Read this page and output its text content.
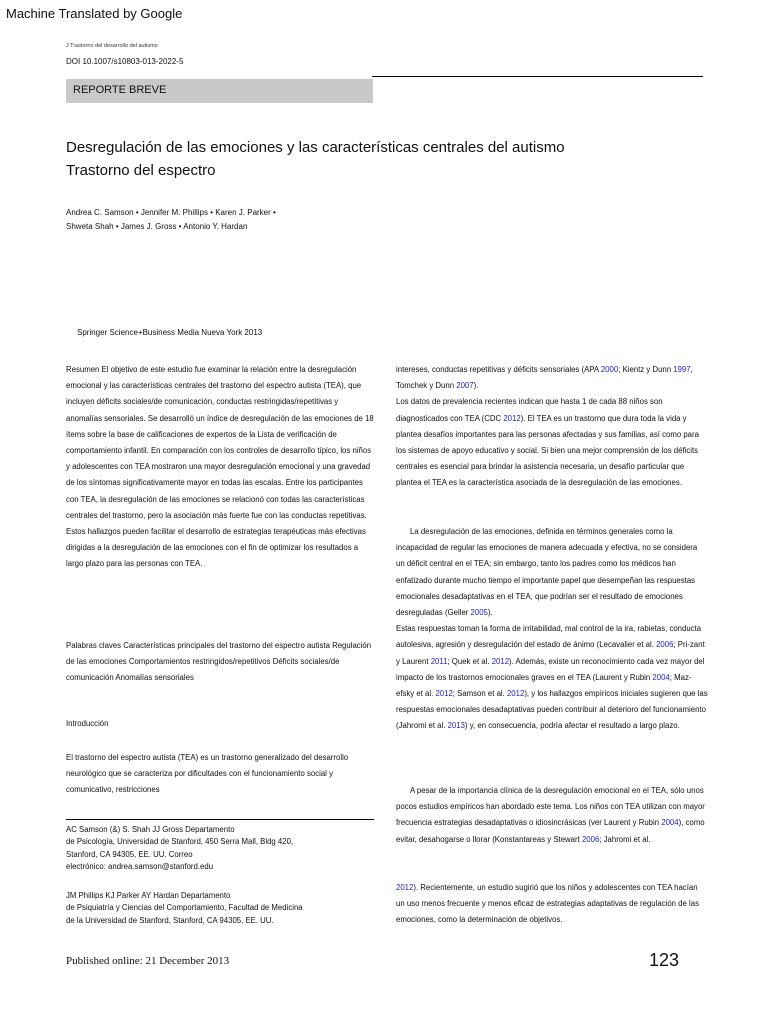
Machine Translated by Google
J Trastorno del desarrollo del autismo
DOI 10.1007/s10803-013-2022-5
REPORTE BREVE
Desregulación de las emociones y las características centrales del autismo
Trastorno del espectro
Andrea C. Samson • Jennifer M. Phillips • Karen J. Parker •
Shweta Shah • James J. Gross • Antonio Y. Hardan
Springer Science+Business Media Nueva York 2013

Resumen El objetivo de este estudio fue examinar la relación entre la desregulación emocional y las características centrales del trastorno del espectro autista (TEA), que incluyen déficits sociales/de comunicación, conductas restringidas/repetitivas y anomalías sensoriales. Se desarrolló un índice de desregulación de las emociones de 18 ítems sobre la base de calificaciones de expertos de la Lista de verificación de comportamiento infantil. En comparación con los controles de desarrollo típico, los niños y adolescentes con TEA mostraron una mayor desregulación emocional y una gravedad de los síntomas significativamente mayor en todas las escalas. Entre los participantes con TEA, la desregulación de las emociones se relacionó con todas las características centrales del trastorno, pero la asociación más fuerte fue con las conductas repetitivas. Estos hallazgos pueden facilitar el desarrollo de estrategias terapéuticas más efectivas dirigidas a la desregulación de las emociones con el fin de optimizar los resultados a largo plazo para las personas con TEA.

Palabras claves Características principales del trastorno del espectro autista Regulación de las emociones Comportamientos restringidos/repetitivos Déficits sociales/de comunicación Anomalías sensoriales

Introducción

El trastorno del espectro autista (TEA) es un trastorno generalizado del desarrollo neurológico que se caracteriza por dificultades con el funcionamiento social y comunicativo, restricciones

AC Samson (&) S. Shah JJ Gross Departamento
de Psicología, Universidad de Stanford, 450 Serra Mall, Bldg 420,
Stanford, CA 94305, EE. UU. Correo
electrónico: andrea.samson@stanford.edu
JM Phillips KJ Parker AY Hardan Departamento
de Psiquiatría y Ciencias del Comportamiento, Facultad de Medicina
de la Universidad de Stanford, Stanford, CA 94305, EE. UU.

intereses, conductas repetitivas y déficits sensoriales (APA 2000; Kientz y Dunn 1997, Tomchek y Dunn 2007).

Los datos de prevalencia recientes indican que hasta 1 de cada 88 niños son diagnosticados con TEA (CDC 2012). El TEA es un trastorno que dura toda la vida y plantea desafíos importantes para las personas afectadas y sus familias, así como para los sistemas de apoyo educativo y social. Si bien una mejor comprensión de los déficits centrales es esencial para brindar la asistencia necesaria, un desafío particular que plantea el TEA es la característica asociada de la desregulación de las emociones.

La desregulación de las emociones, definida en términos generales como la incapacidad de regular las emociones de manera adecuada y efectiva, no se considera un déficit central en el TEA; sin embargo, tanto los padres como los médicos han enfatizado durante mucho tiempo el importante papel que desempeñan las respuestas emocionales desadaptativas en el TEA, que podrían ser el resultado de emociones desreguladas (Geller 2005).

Estas respuestas toman la forma de irritabilidad, mal control de la ira, rabietas, conducta autolesiva, agresión y desregulación del estado de ánimo (Lecavalier et al. 2006; Pri-zant y Laurent 2011; Quek et al. 2012). Además, existe un reconocimiento cada vez mayor del impacto de los trastornos emocionales graves en el TEA (Laurent y Rubin 2004; Maz-efsky et al. 2012; Samson et al. 2012), y los hallazgos empíricos iniciales sugieren que las respuestas emocionales desadaptativas pueden contribuir al deterioro del funcionamiento (Jahromi et al. 2013) y, en consecuencia, podría afectar el resultado a largo plazo.

A pesar de la importancia clínica de la desregulación emocional en el TEA, sólo unos pocos estudios empíricos han abordado este tema. Los niños con TEA utilizan con mayor frecuencia estrategias desadaptativas o idiosincrásicas (ver Laurent y Rubin 2004), como evitar, desahogarse o llorar (Konstantareas y Stewart 2006; Jahromi et al.

2012). Recientemente, un estudio sugirió que los niños y adolescentes con TEA hacían un uso menos frecuente y menos eficaz de estrategias adaptativas de regulación de las emociones, como la determinación de objetivos.

Published online: 21 December 2013	123
